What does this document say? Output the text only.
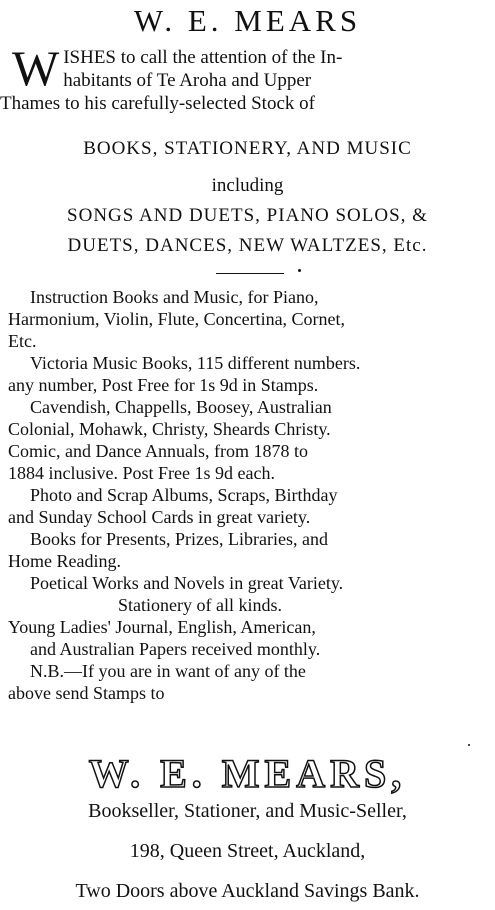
W. E. MEARS
W ISHES to call the attention of the In-
habitants of Te Aroha and Upper
Thames to his carefully-selected Stock of
BOOKS, STATIONERY, AND MUSIC
including
SONGS AND DUETS, PIANO SOLOS, &
DUETS, DANCES, NEW WALTZES, Etc.
Instruction Books and Music, for Piano,
Harmonium, Violin, Flute, Concertina, Cornet,
Etc.
Victoria Music Books, 115 different numbers.
any number, Post Free for 1s 9d in Stamps.
Cavendish, Chappells, Boosey, Australian
Colonial, Mohawk, Christy, Sheards Christy.
Comic, and Dance Annuals, from 1878 to
1884 inclusive. Post Free 1s 9d each.
Photo and Scrap Albums, Scraps, Birthday
and Sunday School Cards in great variety.
Books for Presents, Prizes, Libraries, and
Home Reading.
Poetical Works and Novels in great Variety.
Stationery of all kinds.
Young Ladies' Journal, English, American,
and Australian Papers received monthly.
N.B.—If you are in want of any of the
above send Stamps to
W. E. MEARS,
Bookseller, Stationer, and Music-Seller,
198, Queen Street, Auckland,
Two Doors above Auckland Savings Bank.
